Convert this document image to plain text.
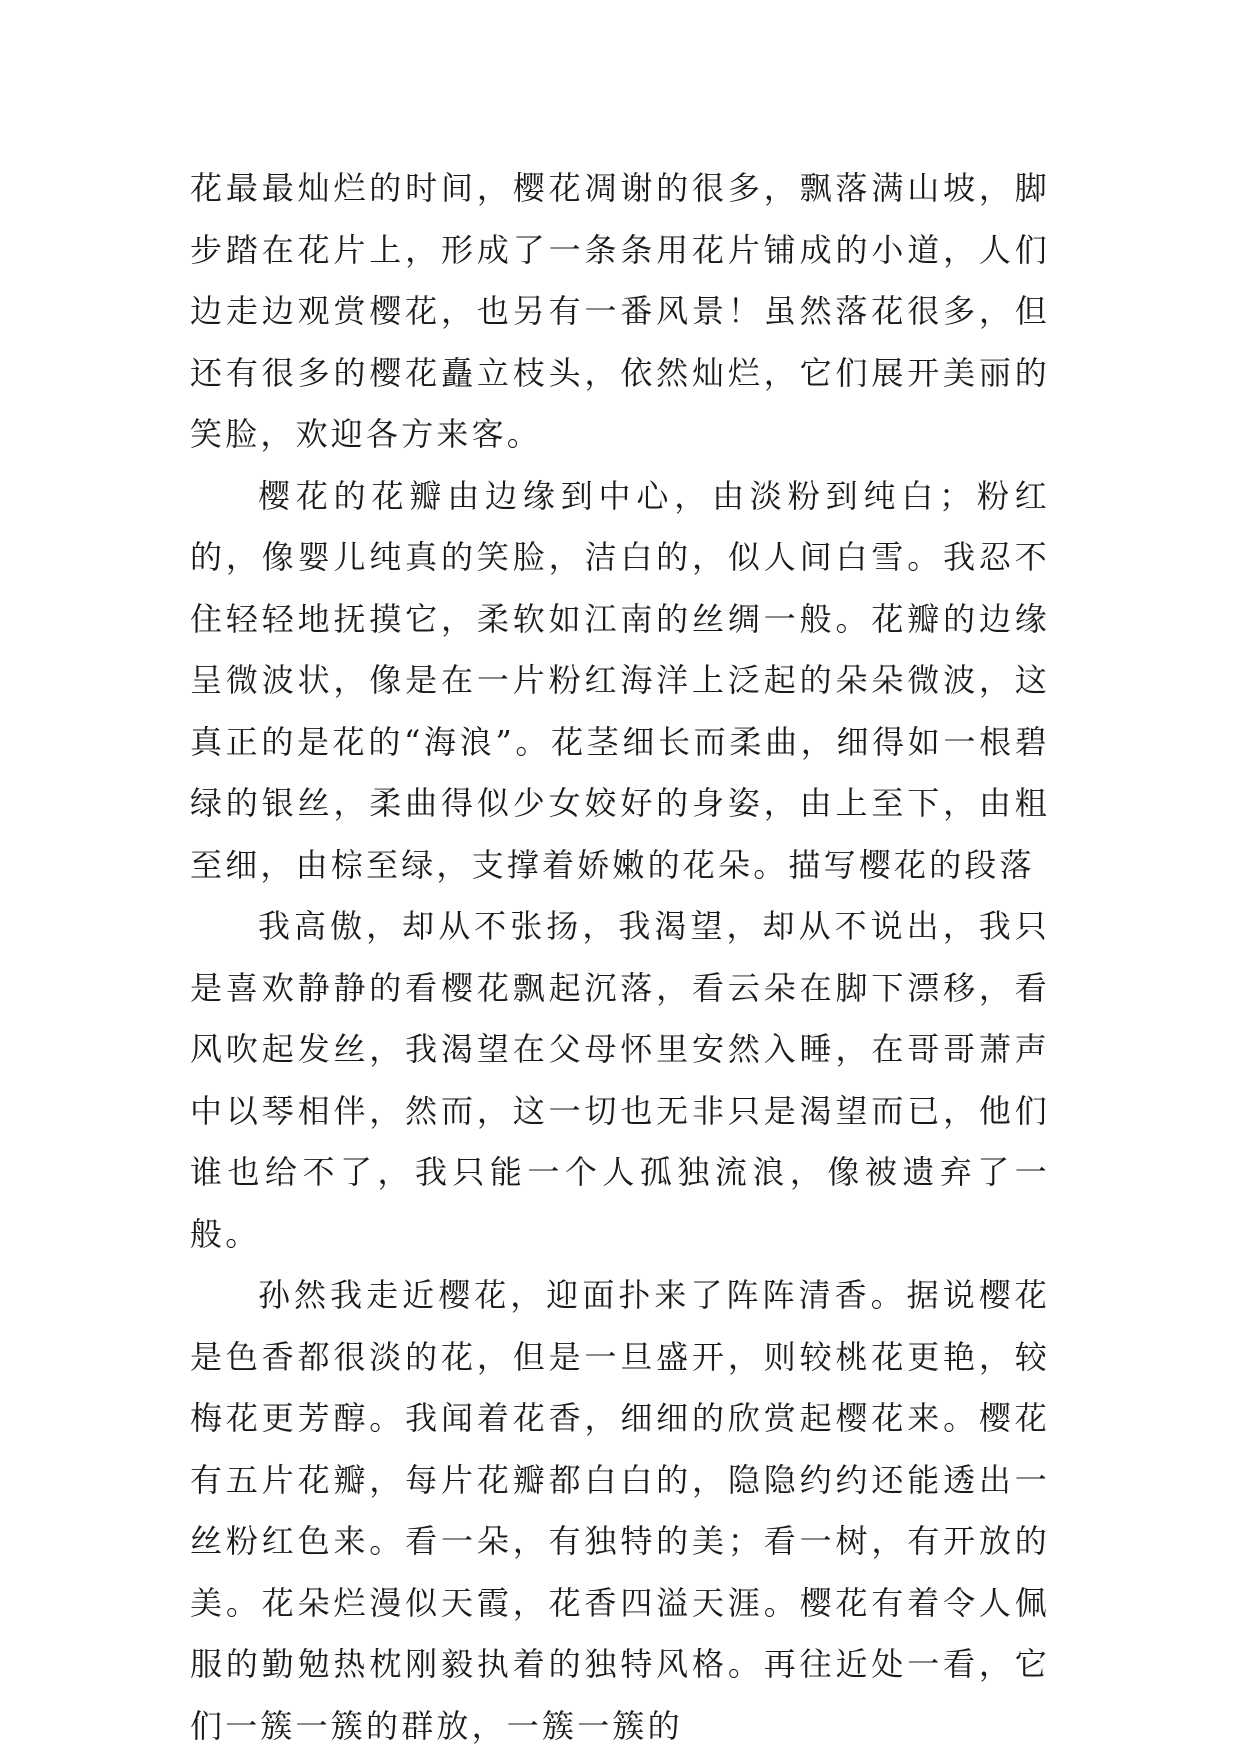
花最最灿烂的时间，樱花凋谢的很多，飘落满山坡，脚步踏在花片上，形成了一条条用花片铺成的小道，人们边走边观赏樱花，也另有一番风景！虽然落花很多，但还有很多的樱花矗立枝头，依然灿烂，它们展开美丽的笑脸，欢迎各方来客。

樱花的花瓣由边缘到中心，由淡粉到纯白；粉红的，像婴儿纯真的笑脸，洁白的，似人间白雪。我忍不住轻轻地抚摸它，柔软如江南的丝绸一般。花瓣的边缘呈微波状，像是在一片粉红海洋上泛起的朵朵微波，这真正的是花的“海浪”。花茎细长而柔曲，细得如一根碧绿的银丝，柔曲得似少女姣好的身姿，由上至下，由粗至细，由棕至绿，支撑着娇嫩的花朵。描写樱花的段落

我高傲，却从不张扬，我渴望，却从不说出，我只是喜欢静静的看樱花飘起沉落，看云朵在脚下漂移，看风吹起发丝，我渴望在父母怀里安然入睡，在哥哥萧声中以琴相伴，然而，这一切也无非只是渴望而已，他们谁也给不了，我只能一个人孤独流浪，像被遗弃了一般。

孙然我走近樱花，迎面扑来了阵阵清香。据说樱花是色香都很淡的花，但是一旦盛开，则较桃花更艳，较梅花更芳醇。我闻着花香，细细的欣赏起樱花来。樱花有五片花瓣，每片花瓣都白白的，隐隐约约还能透出一丝粉红色来。看一朵，有独特的美；看一树，有开放的美。花朵烂漫似天霞，花香四溢天涯。樱花有着令人佩服的勤勉热枕刚毅执着的独特风格。再往近处一看，它们一簇一簇的群放，一簇一簇的
